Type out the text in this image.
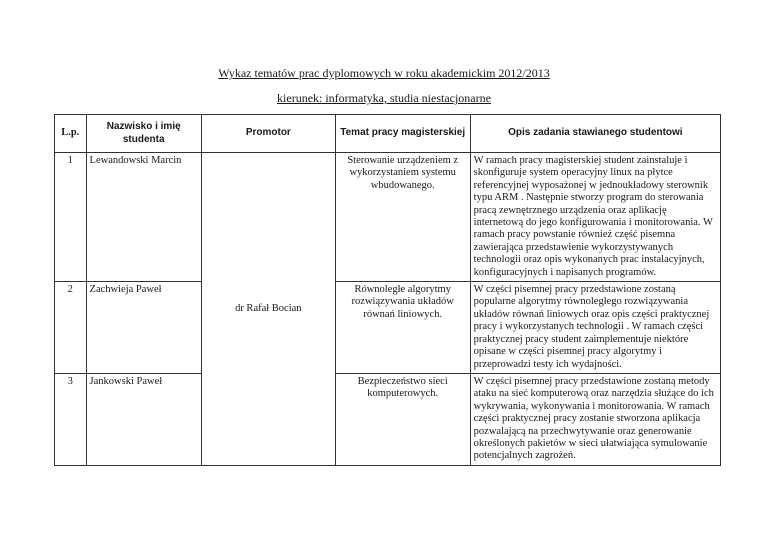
Wykaz tematów prac dyplomowych w roku akademickim 2012/2013
kierunek: informatyka, studia niestacjonarne
L.p.	Nazwisko i imię studenta	Promotor	Temat pracy magisterskiej	Opis zadania stawianego studentowi
1	Lewandowski Marcin	dr Rafał Bocian	Sterowanie urządzeniem z wykorzystaniem systemu wbudowanego.	W ramach pracy magisterskiej student zainstaluje i skonfiguruje system operacyjny linux na płytce referencyjnej wyposażonej w jednoukładowy sterownik typu ARM . Następnie stworzy program do sterowania pracą zewnętrznego urządzenia oraz aplikację internetową do jego konfigurowania i monitorowania. W ramach pracy powstanie również część pisemna zawierająca przedstawienie wykorzystywanych technologii oraz opis wykonanych prac instalacyjnych, konfiguracyjnych i napisanych programów.
2	Zachwieja Paweł		Równoległe algorytmy rozwiązywania układów równań liniowych.	W części pisemnej pracy przedstawione zostaną popularne algorytmy równoległego rozwiązywania układów równań liniowych oraz opis części praktycznej pracy i wykorzystanych technologii . W ramach części praktycznej pracy student zaimplementuje niektóre opisane w części pisemnej pracy algorytmy i przeprowadzi testy ich wydajności.
3	Jankowski Paweł		Bezpieczeństwo sieci komputerowych.	W części pisemnej pracy przedstawione zostaną metody ataku na sieć komputerową oraz narzędzia służące do ich wykrywania, wykonywania i monitorowania. W ramach części praktycznej pracy zostanie stworzona aplikacja pozwalającą na przechwytywanie oraz generowanie określonych pakietów w sieci ułatwiająca symulowanie potencjalnych zagrożeń.
